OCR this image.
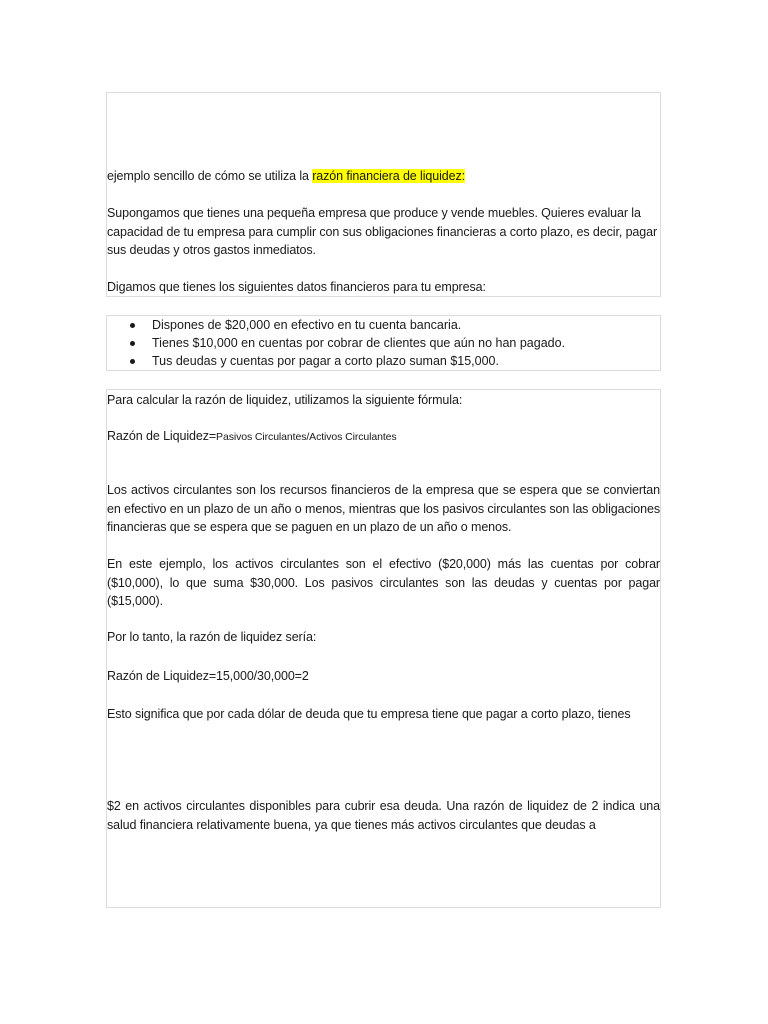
ejemplo sencillo de cómo se utiliza la razón financiera de liquidez:
Supongamos que tienes una pequeña empresa que produce y vende muebles. Quieres evaluar la capacidad de tu empresa para cumplir con sus obligaciones financieras a corto plazo, es decir, pagar sus deudas y otros gastos inmediatos.
Digamos que tienes los siguientes datos financieros para tu empresa:
Dispones de $20,000 en efectivo en tu cuenta bancaria.
Tienes $10,000 en cuentas por cobrar de clientes que aún no han pagado.
Tus deudas y cuentas por pagar a corto plazo suman $15,000.
Para calcular la razón de liquidez, utilizamos la siguiente fórmula:
Razón de Liquidez=Pasivos Circulantes/Activos Circulantes
Los activos circulantes son los recursos financieros de la empresa que se espera que se conviertan en efectivo en un plazo de un año o menos, mientras que los pasivos circulantes son las obligaciones financieras que se espera que se paguen en un plazo de un año o menos.
En este ejemplo, los activos circulantes son el efectivo ($20,000) más las cuentas por cobrar ($10,000), lo que suma $30,000. Los pasivos circulantes son las deudas y cuentas por pagar ($15,000).
Por lo tanto, la razón de liquidez sería:
Razón de Liquidez=15,000/30,000=2
Esto significa que por cada dólar de deuda que tu empresa tiene que pagar a corto plazo, tienes
$2 en activos circulantes disponibles para cubrir esa deuda. Una razón de liquidez de 2 indica una salud financiera relativamente buena, ya que tienes más activos circulantes que deudas a
